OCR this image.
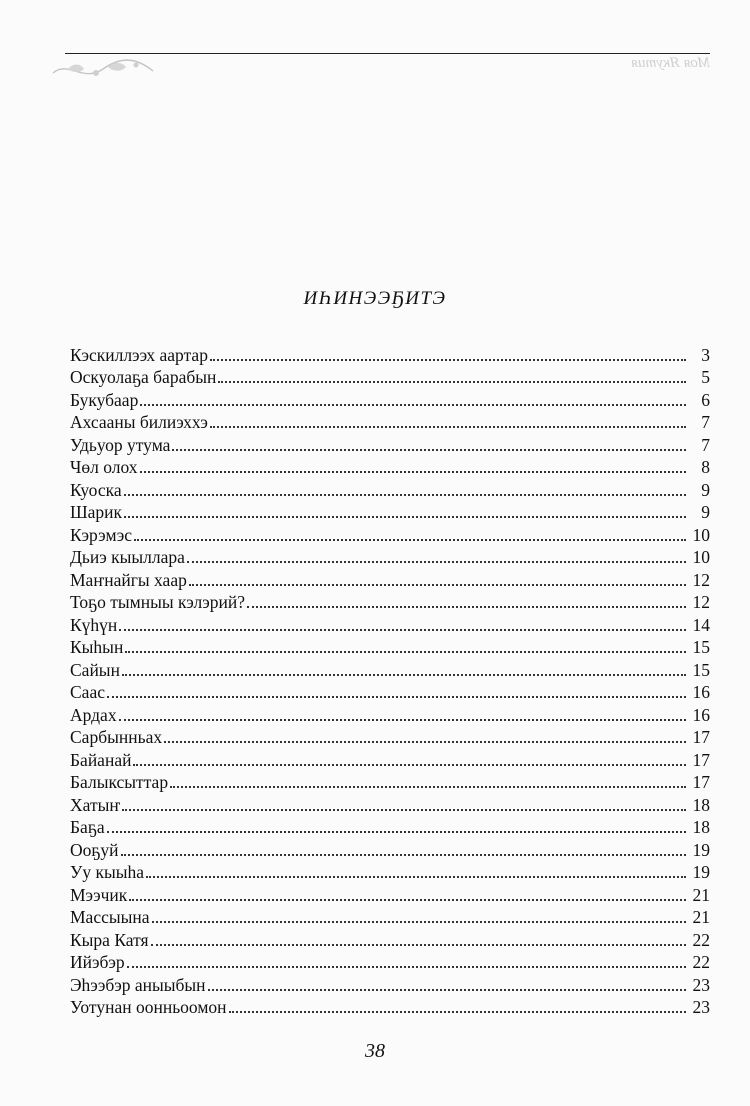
Моя Якутия
ИҺИНЭЭҔИТЭ
Кэскиллээх аартар	3
Оскуолаҕа барабын	5
Букубаар	6
Ахсааны билиэххэ	7
Удьуор утума	7
Чөл олох	8
Куоска	9
Шарик	9
Кэрэмэс	10
Дьиэ кыыллара	10
Маҥнайгы хаар	12
Тоҕо тымныы кэлэрий?	12
Күһүн	14
Кыһын	15
Сайын	15
Саас	16
Ардах	16
Сарбынньах	17
Байанай	17
Балыксыттар	17
Хатыҥ	18
Баҕа	18
Ооҕуй	19
Уу кыыһа	19
Мээчик	21
Массыына	21
Кыра Катя	22
Ийэбэр	22
Эһээбэр аныыбын	23
Уотунан оонньоомон	23
38
